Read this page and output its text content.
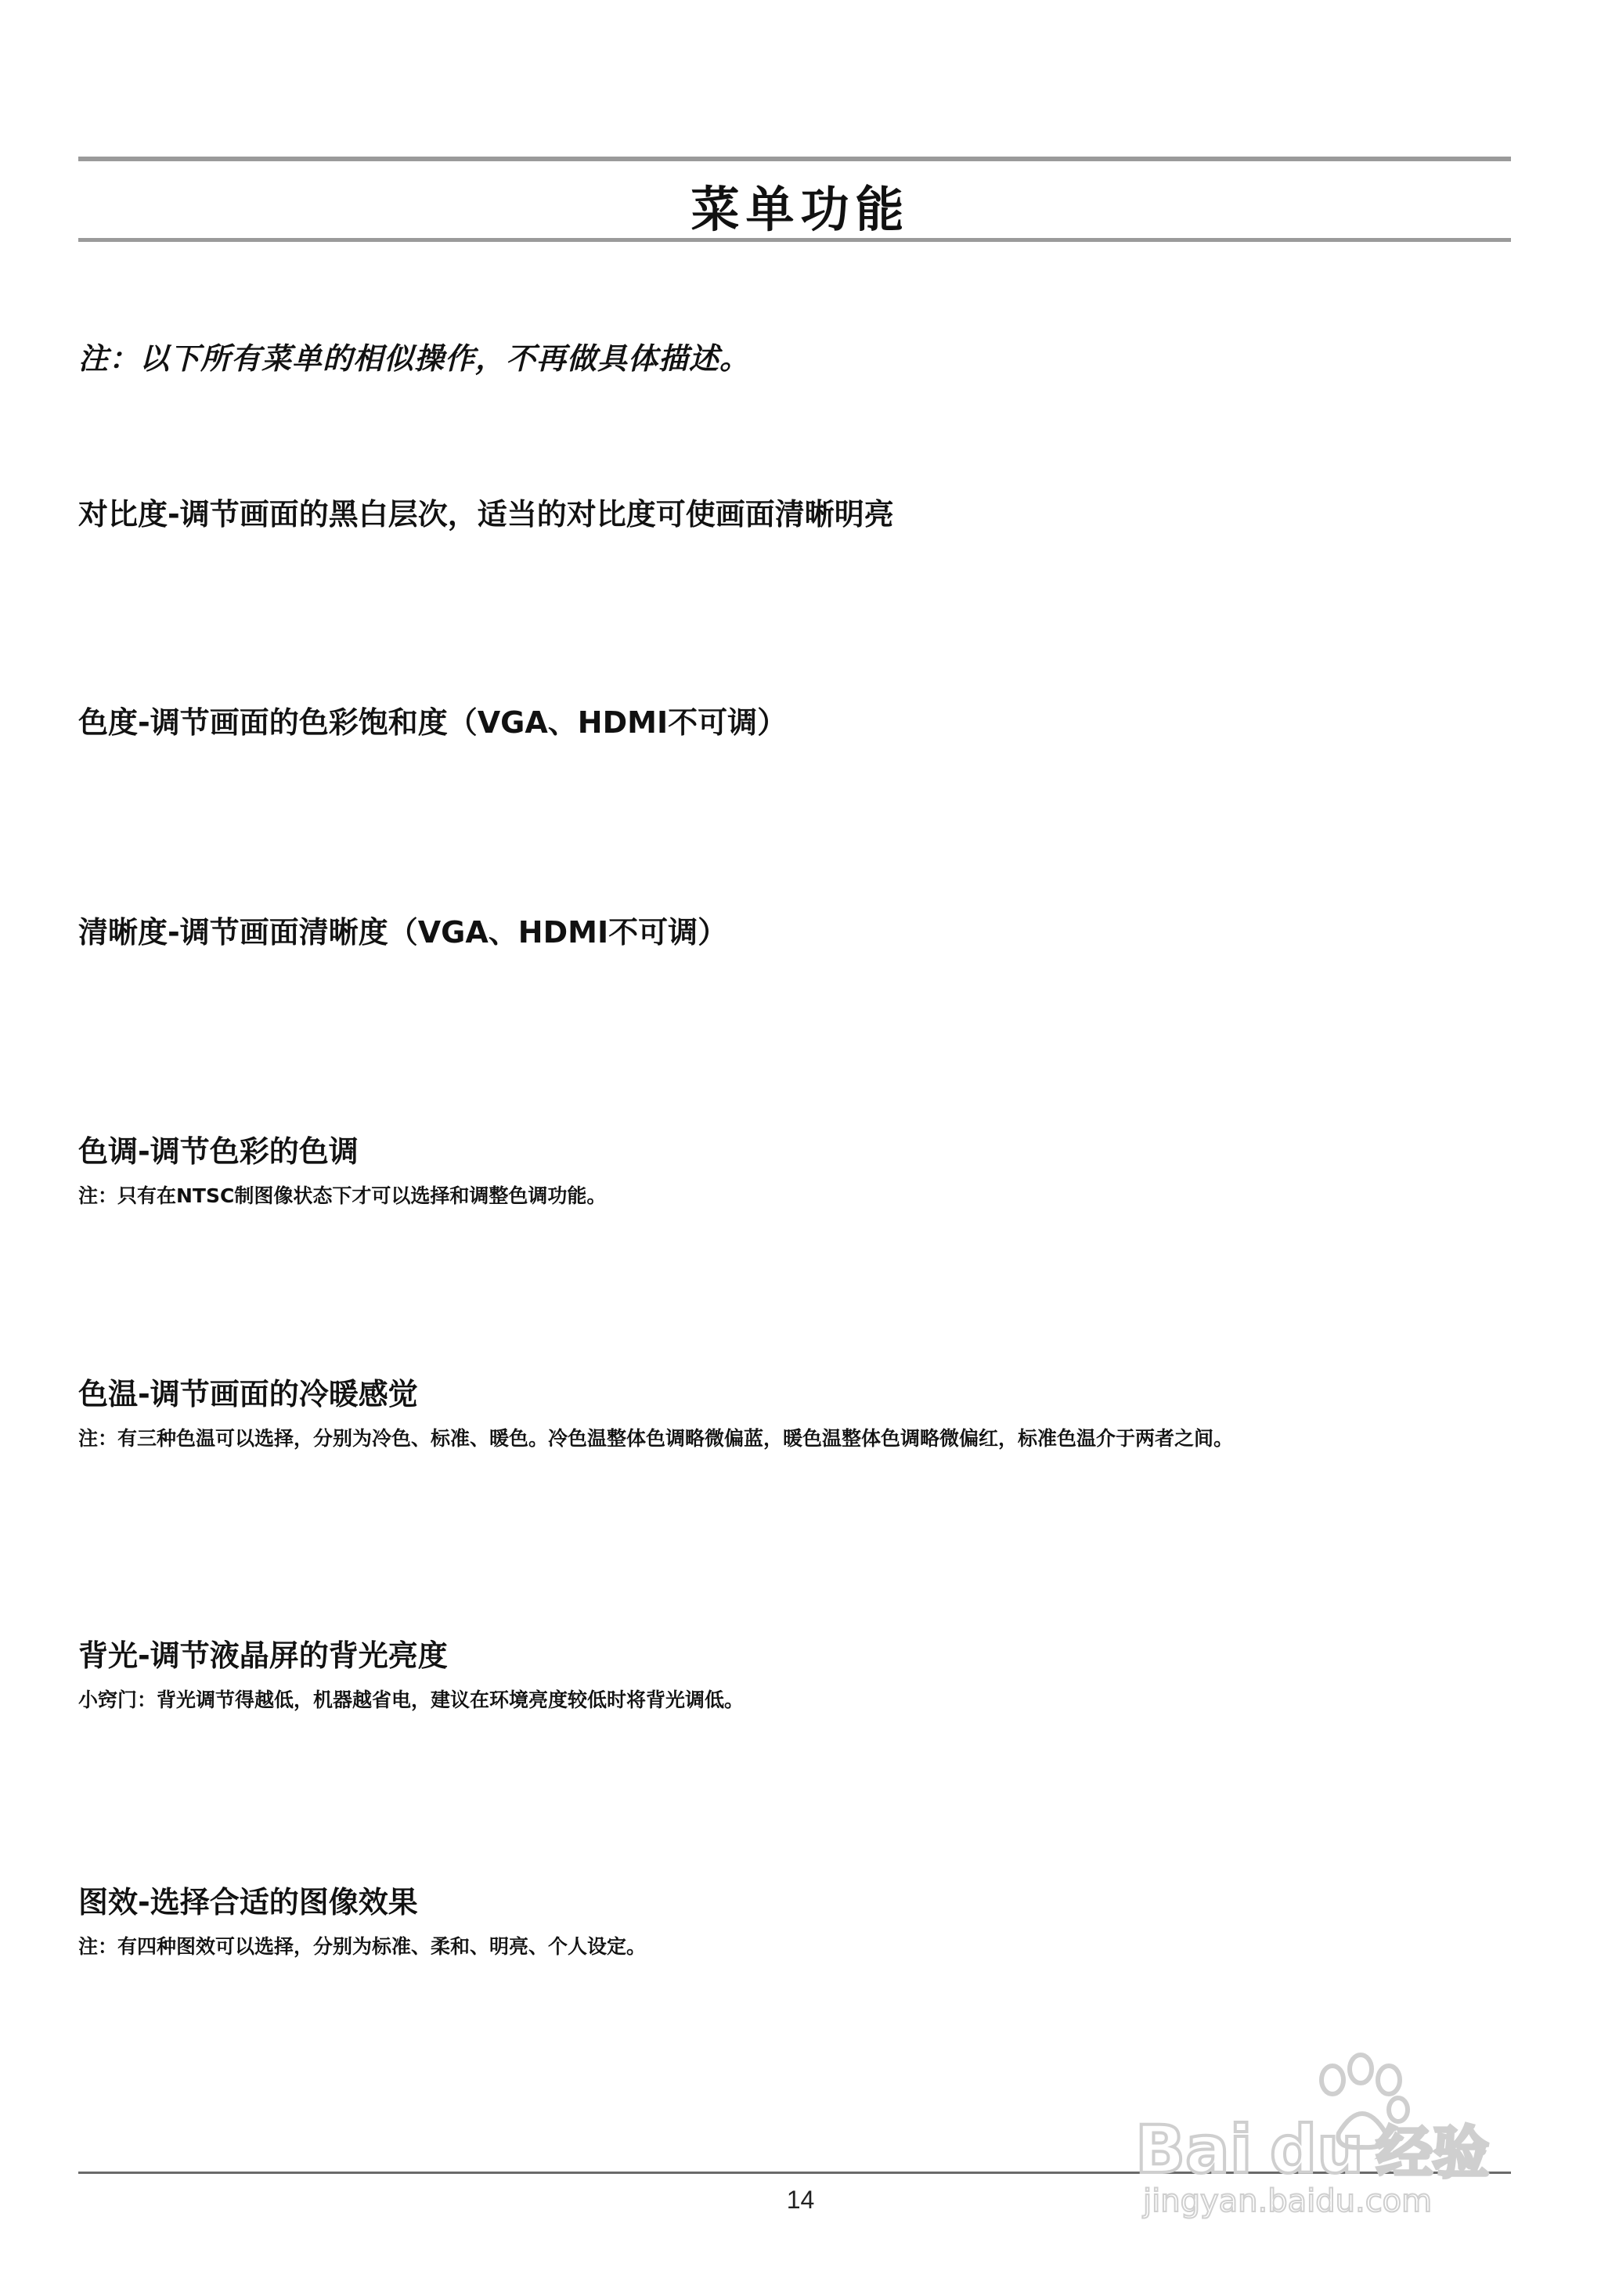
菜单功能
注：以下所有菜单的相似操作，不再做具体描述。
对比度-调节画面的黑白层次，适当的对比度可使画面清晰明亮
色度-调节画面的色彩饱和度（VGA、HDMI不可调）
清晰度-调节画面清晰度（VGA、HDMI不可调）
色调-调节色彩的色调
注：只有在NTSC制图像状态下才可以选择和调整色调功能。
色温-调节画面的冷暖感觉
注：有三种色温可以选择，分别为冷色、标准、暖色。冷色温整体色调略微偏蓝，暖色温整体色调略微偏红，标准色温介于两者之间。
背光-调节液晶屏的背光亮度
小窍门：背光调节得越低，机器越省电，建议在环境亮度较低时将背光调低。
图效-选择合适的图像效果
注：有四种图效可以选择，分别为标准、柔和、明亮、个人设定。
14
Bai du 经验
jingyan.baidu.com
